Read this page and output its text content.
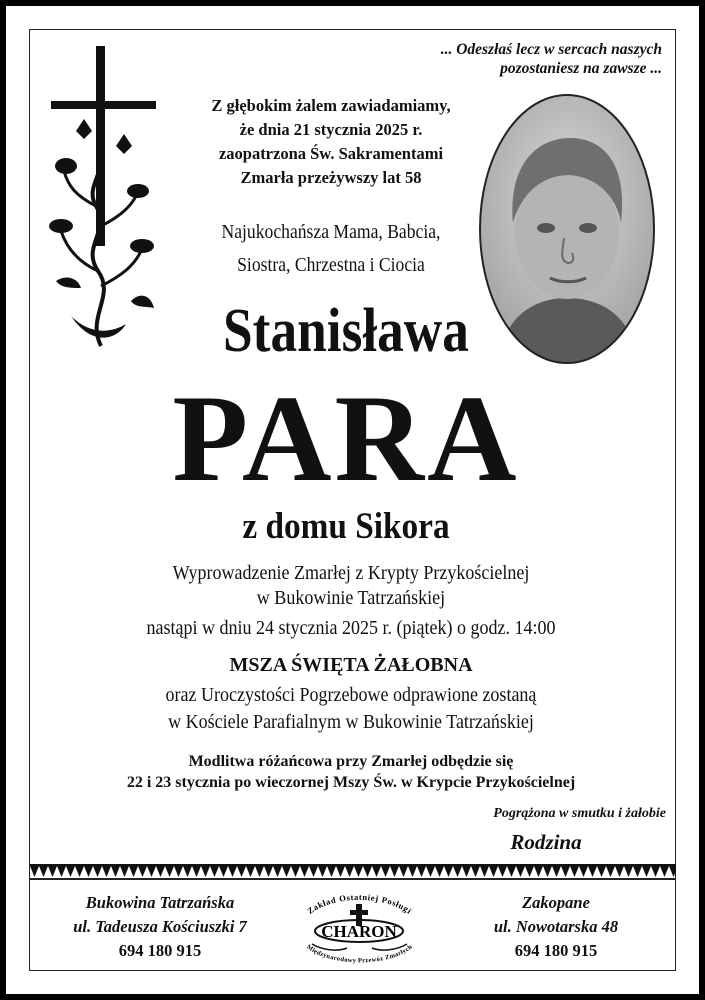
... Odeszłaś lecz w sercach naszych
pozostaniesz na zawsze ...
Z głębokim żalem zawiadamiamy,
że dnia 21 stycznia 2025 r.
zaopatrzona Św. Sakramentami
Zmarła przeżywszy lat 58
Najukochańsza Mama, Babcia,
Siostra, Chrzestna i Ciocia
Stanisława
PARA
z domu Sikora
Wyprowadzenie Zmarłej z Krypty Przykościelnej
w Bukowinie Tatrzańskiej
nastąpi w dniu 24 stycznia 2025 r. (piątek) o godz. 14:00
MSZA ŚWIĘTA ŻAŁOBNA
oraz Uroczystości Pogrzebowe odprawione zostaną
w Kościele Parafialnym w Bukowinie Tatrzańskiej
Modlitwa różańcowa przy Zmarłej odbędzie się
22 i 23 stycznia po wieczornej Mszy Św. w Krypcie Przykościelnej
Pogrążona w smutku i żałobie
Rodzina
Bukowina Tatrzańska
ul. Tadeusza Kościuszki 7
694 180 915
Zakład Ostatniej Posługi
CHARON
Międzynarodowy Przewóz Zmarłych
Zakopane
ul. Nowotarska 48
694 180 915
